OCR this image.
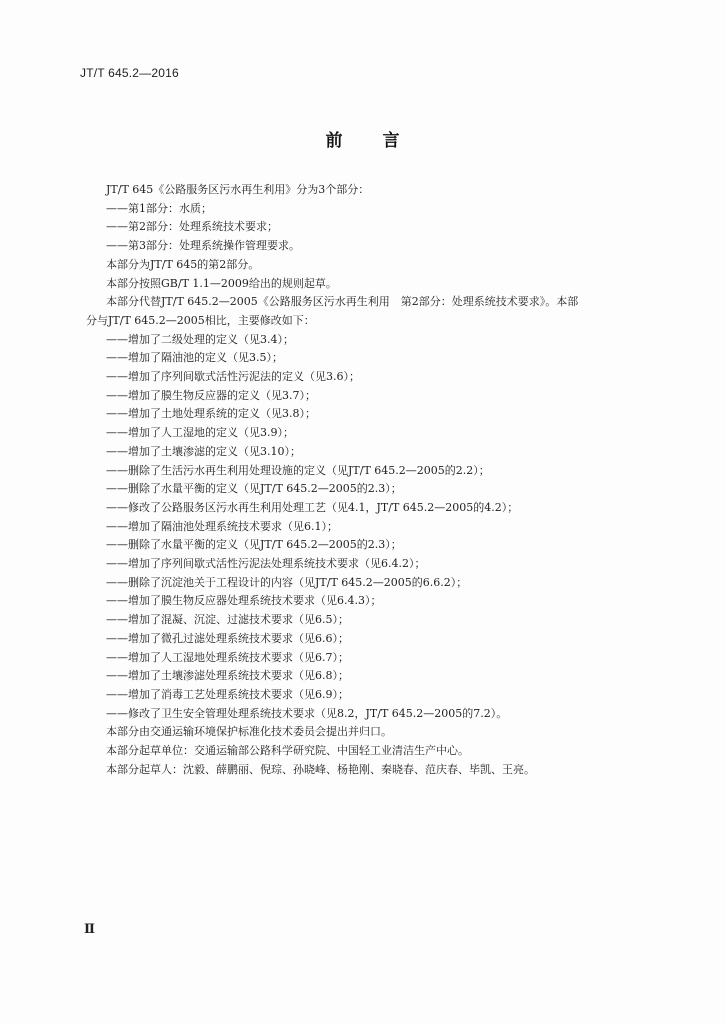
JT/T 645.2—2016
前言

JT/T 645《公路服务区污水再生利用》分为3个部分：

——第1部分：水质；

——第2部分：处理系统技术要求；

——第3部分：处理系统操作管理要求。

本部分为JT/T 645的第2部分。

本部分按照GB/T 1.1—2009给出的规则起草。

本部分代替JT/T 645.2—2005《公路服务区污水再生利用　第2部分：处理系统技术要求》。本部

分与JT/T 645.2—2005相比，主要修改如下：

——增加了二级处理的定义（见3.4）；

——增加了隔油池的定义（见3.5）；

——增加了序列间歇式活性污泥法的定义（见3.6）；

——增加了膜生物反应器的定义（见3.7）；

——增加了土地处理系统的定义（见3.8）；

——增加了人工湿地的定义（见3.9）；

——增加了土壤渗滤的定义（见3.10）；

——删除了生活污水再生利用处理设施的定义（见JT/T 645.2—2005的2.2）；

——删除了水量平衡的定义（见JT/T 645.2—2005的2.3）；

——修改了公路服务区污水再生利用处理工艺（见4.1，JT/T 645.2—2005的4.2）；

——增加了隔油池处理系统技术要求（见6.1）；

——删除了水量平衡的定义（见JT/T 645.2—2005的2.3）；

——增加了序列间歇式活性污泥法处理系统技术要求（见6.4.2）；

——删除了沉淀池关于工程设计的内容（见JT/T 645.2—2005的6.6.2）；

——增加了膜生物反应器处理系统技术要求（见6.4.3）；

——增加了混凝、沉淀、过滤技术要求（见6.5）；

——增加了微孔过滤处理系统技术要求（见6.6）；

——增加了人工湿地处理系统技术要求（见6.7）；

——增加了土壤渗滤处理系统技术要求（见6.8）；

——增加了消毒工艺处理系统技术要求（见6.9）；

——修改了卫生安全管理处理系统技术要求（见8.2，JT/T 645.2—2005的7.2）。

本部分由交通运输环境保护标准化技术委员会提出并归口。

本部分起草单位：交通运输部公路科学研究院、中国轻工业清洁生产中心。

本部分起草人：沈毅、薛鹏丽、倪琮、孙晓峰、杨艳刚、秦晓春、范庆春、毕凯、王亮。

Ⅱ
